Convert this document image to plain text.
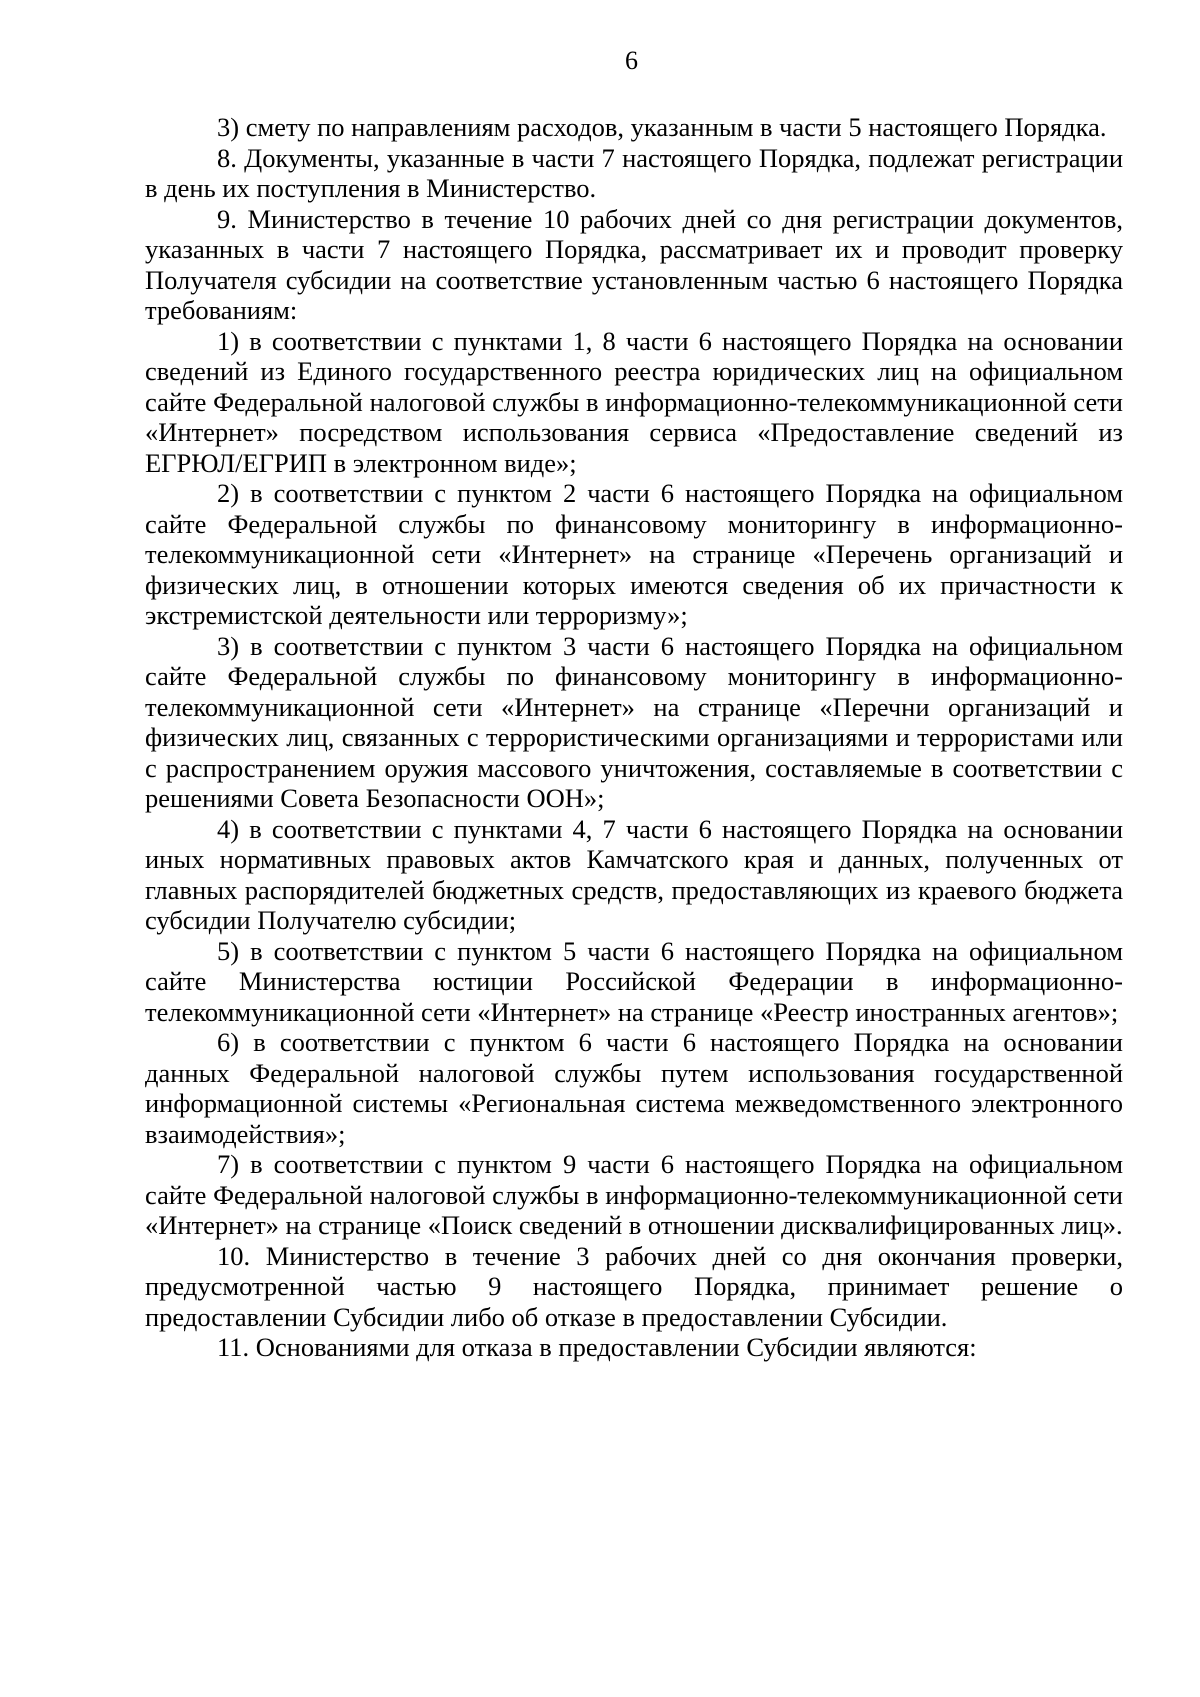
6

3) смету по направлениям расходов, указанным в части 5 настоящего Порядка.

8. Документы, указанные в части 7 настоящего Порядка, подлежат регистрации в день их поступления в Министерство.

9. Министерство в течение 10 рабочих дней со дня регистрации документов, указанных в части 7 настоящего Порядка, рассматривает их и проводит проверку Получателя субсидии на соответствие установленным частью 6 настоящего Порядка требованиям:

1) в соответствии с пунктами 1, 8 части 6 настоящего Порядка на основании сведений из Единого государственного реестра юридических лиц на официальном сайте Федеральной налоговой службы в информационно-телекоммуникационной сети «Интернет» посредством использования сервиса «Предоставление сведений из ЕГРЮЛ/ЕГРИП в электронном виде»;

2) в соответствии с пунктом 2 части 6 настоящего Порядка на официальном сайте Федеральной службы по финансовому мониторингу в информационно-телекоммуникационной сети «Интернет» на странице «Перечень организаций и физических лиц, в отношении которых имеются сведения об их причастности к экстремистской деятельности или терроризму»;

3) в соответствии с пунктом 3 части 6 настоящего Порядка на официальном сайте Федеральной службы по финансовому мониторингу в информационно-телекоммуникационной сети «Интернет» на странице «Перечни организаций и физических лиц, связанных с террористическими организациями и террористами или с распространением оружия массового уничтожения, составляемые в соответствии с решениями Совета Безопасности ООН»;

4) в соответствии с пунктами 4, 7 части 6 настоящего Порядка на основании иных нормативных правовых актов Камчатского края и данных, полученных от главных распорядителей бюджетных средств, предоставляющих из краевого бюджета субсидии Получателю субсидии;

5) в соответствии с пунктом 5 части 6 настоящего Порядка на официальном сайте Министерства юстиции Российской Федерации в информационно-телекоммуникационной сети «Интернет» на странице «Реестр иностранных агентов»;

6) в соответствии с пунктом 6 части 6 настоящего Порядка на основании данных Федеральной налоговой службы путем использования государственной информационной системы «Региональная система межведомственного электронного взаимодействия»;

7) в соответствии с пунктом 9 части 6 настоящего Порядка на официальном сайте Федеральной налоговой службы в информационно-телекоммуникационной сети «Интернет» на странице «Поиск сведений в отношении дисквалифицированных лиц».

10. Министерство в течение 3 рабочих дней со дня окончания проверки, предусмотренной частью 9 настоящего Порядка, принимает решение о предоставлении Субсидии либо об отказе в предоставлении Субсидии.

11. Основаниями для отказа в предоставлении Субсидии являются:
